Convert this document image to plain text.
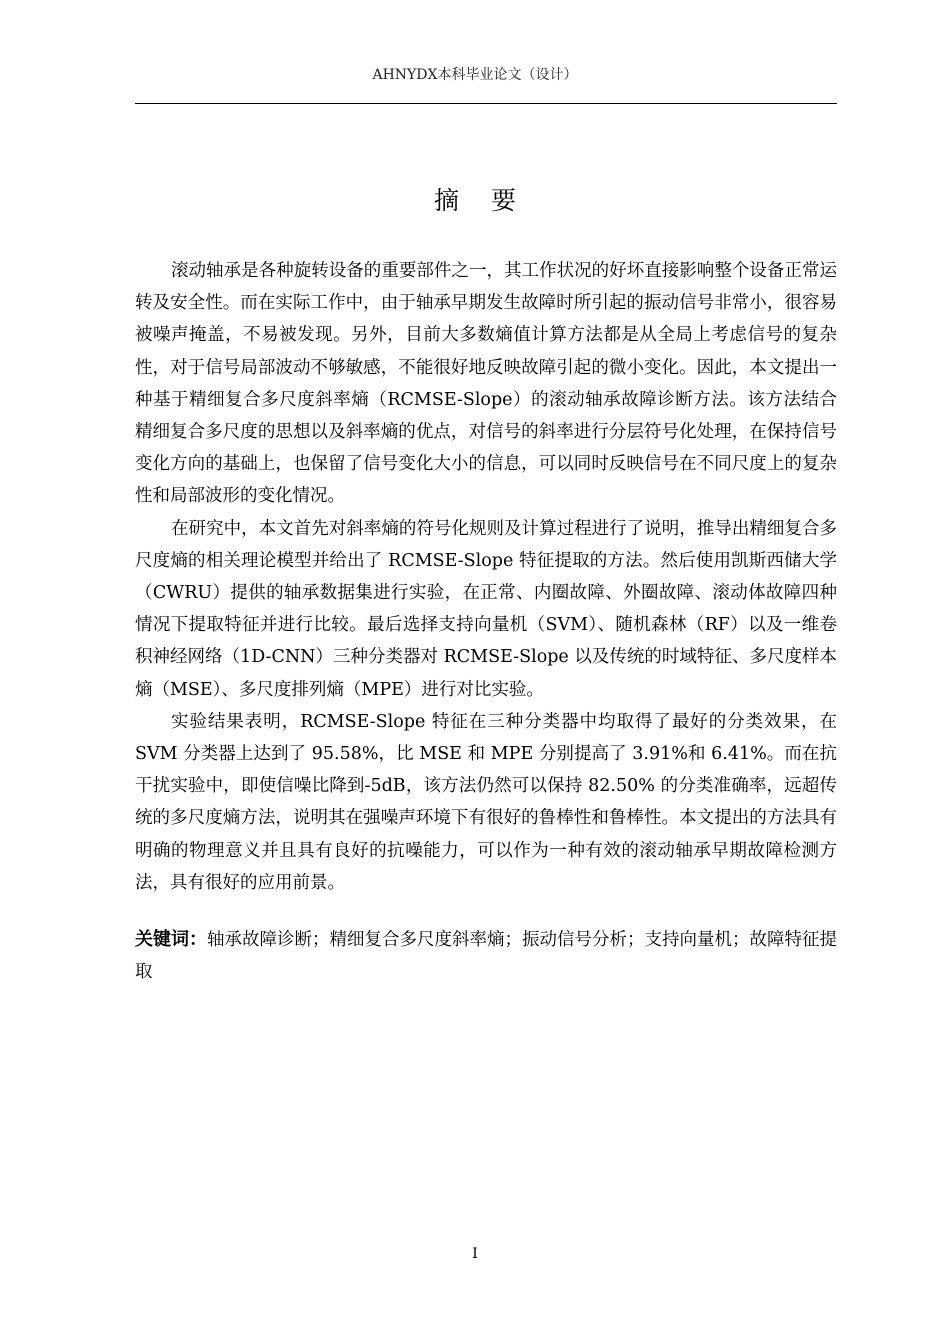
AHNYDX本科毕业论文（设计）
摘 要

滚动轴承是各种旋转设备的重要部件之一，其工作状况的好坏直接影响整个设备正常运转及安全性。而在实际工作中，由于轴承早期发生故障时所引起的振动信号非常小，很容易被噪声掩盖，不易被发现。另外，目前大多数熵值计算方法都是从全局上考虑信号的复杂性，对于信号局部波动不够敏感，不能很好地反映故障引起的微小变化。因此，本文提出一种基于精细复合多尺度斜率熵（RCMSE-Slope）的滚动轴承故障诊断方法。该方法结合精细复合多尺度的思想以及斜率熵的优点，对信号的斜率进行分层符号化处理，在保持信号变化方向的基础上，也保留了信号变化大小的信息，可以同时反映信号在不同尺度上的复杂性和局部波形的变化情况。

在研究中，本文首先对斜率熵的符号化规则及计算过程进行了说明，推导出精细复合多尺度熵的相关理论模型并给出了 RCMSE-Slope 特征提取的方法。然后使用凯斯西储大学（CWRU）提供的轴承数据集进行实验，在正常、内圈故障、外圈故障、滚动体故障四种情况下提取特征并进行比较。最后选择支持向量机（SVM）、随机森林（RF）以及一维卷积神经网络（1D-CNN）三种分类器对 RCMSE-Slope 以及传统的时域特征、多尺度样本熵（MSE）、多尺度排列熵（MPE）进行对比实验。

实验结果表明，RCMSE-Slope 特征在三种分类器中均取得了最好的分类效果，在 SVM 分类器上达到了 95.58%，比 MSE 和 MPE 分别提高了 3.91%和 6.41%。而在抗干扰实验中，即使信噪比降到-5dB，该方法仍然可以保持 82.50% 的分类准确率，远超传统的多尺度熵方法，说明其在强噪声环境下有很好的鲁棒性和鲁棒性。本文提出的方法具有明确的物理意义并且具有良好的抗噪能力，可以作为一种有效的滚动轴承早期故障检测方法，具有很好的应用前景。

关键词：轴承故障诊断；精细复合多尺度斜率熵；振动信号分析；支持向量机；故障特征提取
I
